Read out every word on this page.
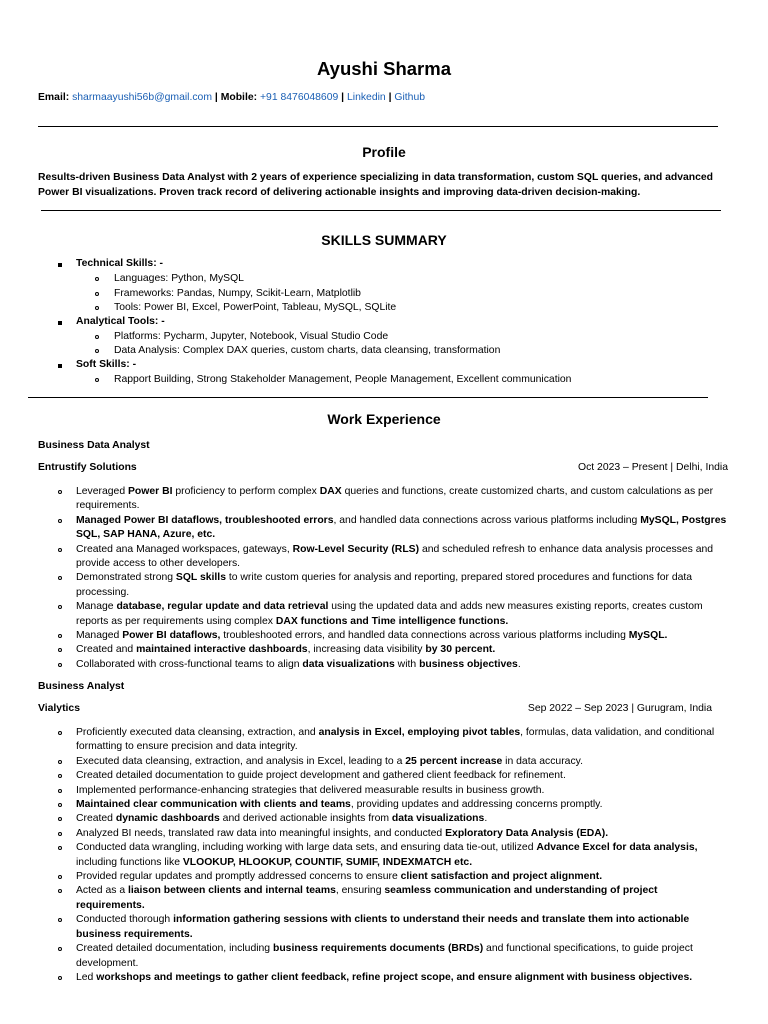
Ayushi Sharma
Email: sharmaayushi56b@gmail.com | Mobile: +91 8476048609 | Linkedin | Github
Profile
Results-driven Business Data Analyst with 2 years of experience specializing in data transformation, custom SQL queries, and advanced Power BI visualizations. Proven track record of delivering actionable insights and improving data-driven decision-making.
SKILLS SUMMARY
Technical Skills: -
Languages: Python, MySQL
Frameworks: Pandas, Numpy, Scikit-Learn, Matplotlib
Tools: Power BI, Excel, PowerPoint, Tableau, MySQL, SQLite
Analytical Tools: -
Platforms: Pycharm, Jupyter, Notebook, Visual Studio Code
Data Analysis: Complex DAX queries, custom charts, data cleansing, transformation
Soft Skills: -
Rapport Building, Strong Stakeholder Management, People Management, Excellent communication
Work Experience
Business Data Analyst
Entrustify Solutions	Oct 2023 – Present | Delhi, India
Leveraged Power BI proficiency to perform complex DAX queries and functions, create customized charts, and custom calculations as per requirements.
Managed Power BI dataflows, troubleshooted errors, and handled data connections across various platforms including MySQL, Postgres SQL, SAP HANA, Azure, etc.
Created ana Managed workspaces, gateways, Row-Level Security (RLS) and scheduled refresh to enhance data analysis processes and provide access to other developers.
Demonstrated strong SQL skills to write custom queries for analysis and reporting, prepared stored procedures and functions for data processing.
Manage database, regular update and data retrieval using the updated data and adds new measures existing reports, creates custom reports as per requirements using complex DAX functions and Time intelligence functions.
Managed Power BI dataflows, troubleshooted errors, and handled data connections across various platforms including MySQL.
Created and maintained interactive dashboards, increasing data visibility by 30 percent.
Collaborated with cross-functional teams to align data visualizations with business objectives.
Business Analyst
Vialytics	Sep 2022 – Sep 2023 | Gurugram, India
Proficiently executed data cleansing, extraction, and analysis in Excel, employing pivot tables, formulas, data validation, and conditional formatting to ensure precision and data integrity.
Executed data cleansing, extraction, and analysis in Excel, leading to a 25 percent increase in data accuracy.
Created detailed documentation to guide project development and gathered client feedback for refinement.
Implemented performance-enhancing strategies that delivered measurable results in business growth.
Maintained clear communication with clients and teams, providing updates and addressing concerns promptly.
Created dynamic dashboards and derived actionable insights from data visualizations.
Analyzed BI needs, translated raw data into meaningful insights, and conducted Exploratory Data Analysis (EDA).
Conducted data wrangling, including working with large data sets, and ensuring data tie-out, utilized Advance Excel for data analysis, including functions like VLOOKUP, HLOOKUP, COUNTIF, SUMIF, INDEXMATCH etc.
Provided regular updates and promptly addressed concerns to ensure client satisfaction and project alignment.
Acted as a liaison between clients and internal teams, ensuring seamless communication and understanding of project requirements.
Conducted thorough information gathering sessions with clients to understand their needs and translate them into actionable business requirements.
Created detailed documentation, including business requirements documents (BRDs) and functional specifications, to guide project development.
Led workshops and meetings to gather client feedback, refine project scope, and ensure alignment with business objectives.
